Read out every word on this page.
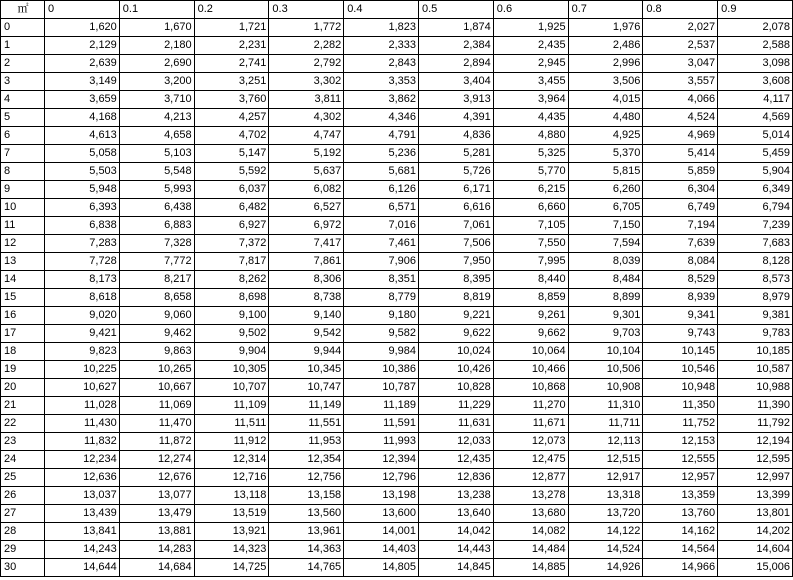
㎡	0	0.1	0.2	0.3	0.4	0.5	0.6	0.7	0.8	0.9
0	1,620	1,670	1,721	1,772	1,823	1,874	1,925	1,976	2,027	2,078
1	2,129	2,180	2,231	2,282	2,333	2,384	2,435	2,486	2,537	2,588
2	2,639	2,690	2,741	2,792	2,843	2,894	2,945	2,996	3,047	3,098
3	3,149	3,200	3,251	3,302	3,353	3,404	3,455	3,506	3,557	3,608
4	3,659	3,710	3,760	3,811	3,862	3,913	3,964	4,015	4,066	4,117
5	4,168	4,213	4,257	4,302	4,346	4,391	4,435	4,480	4,524	4,569
6	4,613	4,658	4,702	4,747	4,791	4,836	4,880	4,925	4,969	5,014
7	5,058	5,103	5,147	5,192	5,236	5,281	5,325	5,370	5,414	5,459
8	5,503	5,548	5,592	5,637	5,681	5,726	5,770	5,815	5,859	5,904
9	5,948	5,993	6,037	6,082	6,126	6,171	6,215	6,260	6,304	6,349
10	6,393	6,438	6,482	6,527	6,571	6,616	6,660	6,705	6,749	6,794
11	6,838	6,883	6,927	6,972	7,016	7,061	7,105	7,150	7,194	7,239
12	7,283	7,328	7,372	7,417	7,461	7,506	7,550	7,594	7,639	7,683
13	7,728	7,772	7,817	7,861	7,906	7,950	7,995	8,039	8,084	8,128
14	8,173	8,217	8,262	8,306	8,351	8,395	8,440	8,484	8,529	8,573
15	8,618	8,658	8,698	8,738	8,779	8,819	8,859	8,899	8,939	8,979
16	9,020	9,060	9,100	9,140	9,180	9,221	9,261	9,301	9,341	9,381
17	9,421	9,462	9,502	9,542	9,582	9,622	9,662	9,703	9,743	9,783
18	9,823	9,863	9,904	9,944	9,984	10,024	10,064	10,104	10,145	10,185
19	10,225	10,265	10,305	10,345	10,386	10,426	10,466	10,506	10,546	10,587
20	10,627	10,667	10,707	10,747	10,787	10,828	10,868	10,908	10,948	10,988
21	11,028	11,069	11,109	11,149	11,189	11,229	11,270	11,310	11,350	11,390
22	11,430	11,470	11,511	11,551	11,591	11,631	11,671	11,711	11,752	11,792
23	11,832	11,872	11,912	11,953	11,993	12,033	12,073	12,113	12,153	12,194
24	12,234	12,274	12,314	12,354	12,394	12,435	12,475	12,515	12,555	12,595
25	12,636	12,676	12,716	12,756	12,796	12,836	12,877	12,917	12,957	12,997
26	13,037	13,077	13,118	13,158	13,198	13,238	13,278	13,318	13,359	13,399
27	13,439	13,479	13,519	13,560	13,600	13,640	13,680	13,720	13,760	13,801
28	13,841	13,881	13,921	13,961	14,001	14,042	14,082	14,122	14,162	14,202
29	14,243	14,283	14,323	14,363	14,403	14,443	14,484	14,524	14,564	14,604
30	14,644	14,684	14,725	14,765	14,805	14,845	14,885	14,926	14,966	15,006
